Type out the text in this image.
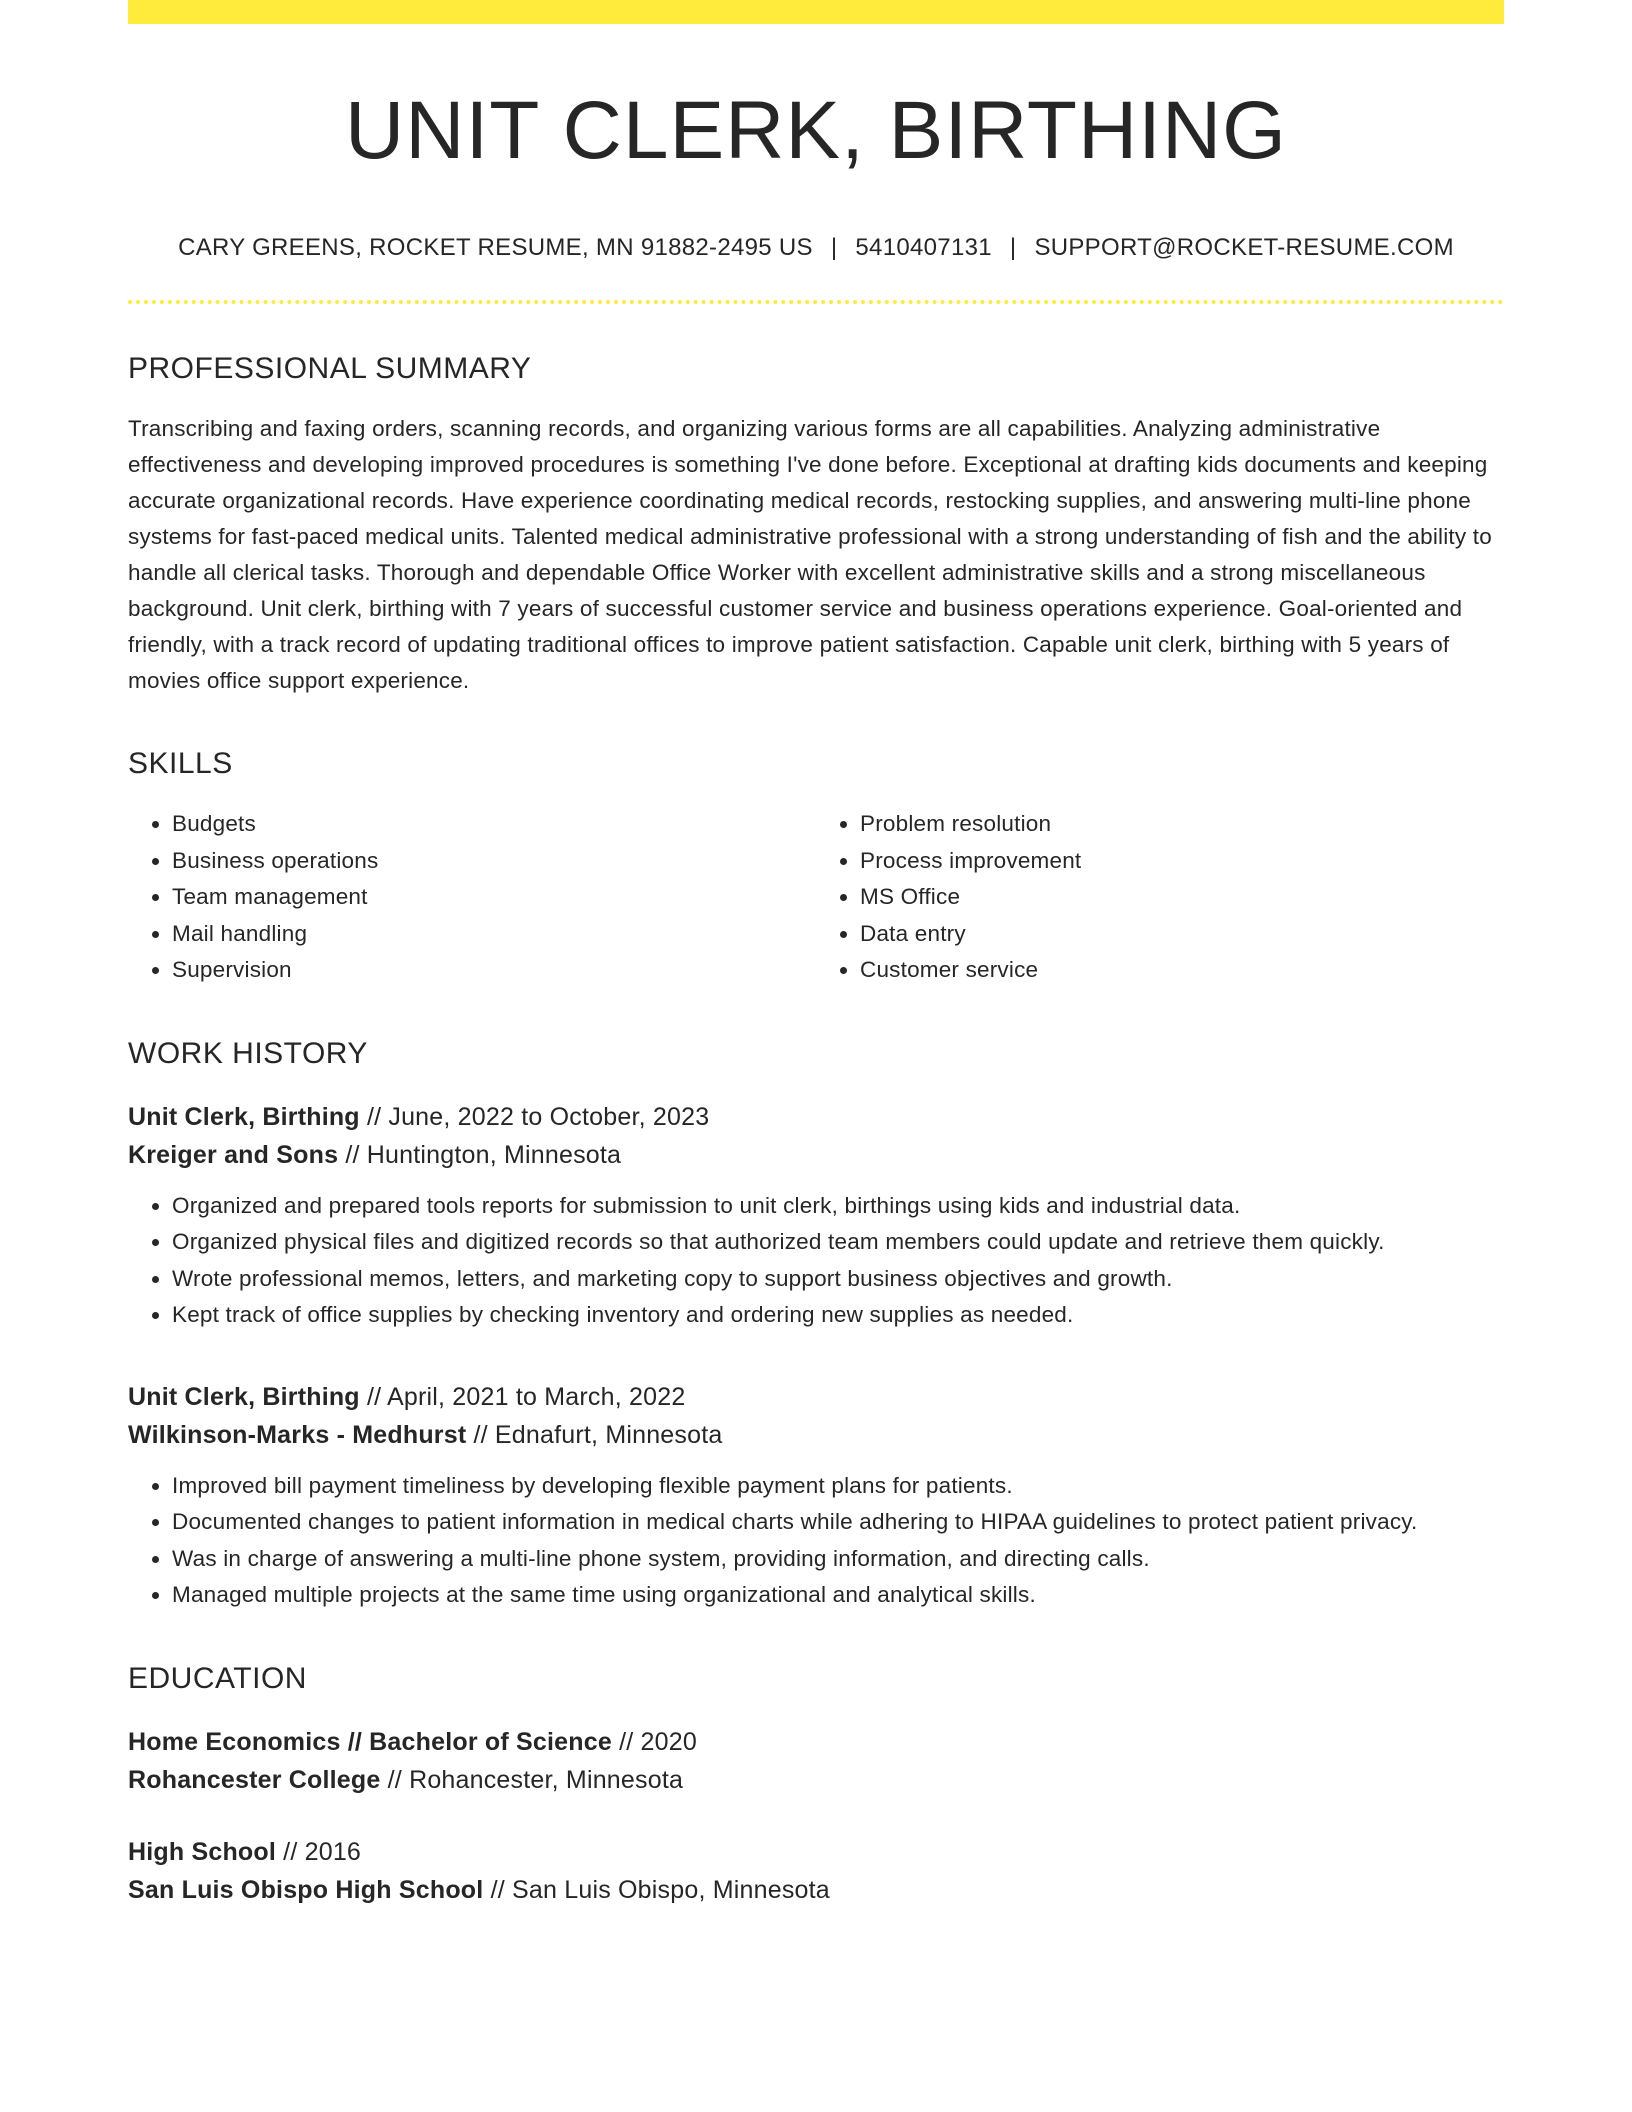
UNIT CLERK, BIRTHING
CARY GREENS, ROCKET RESUME, MN 91882-2495 US | 5410407131 | SUPPORT@ROCKET-RESUME.COM
PROFESSIONAL SUMMARY

Transcribing and faxing orders, scanning records, and organizing various forms are all capabilities. Analyzing administrative effectiveness and developing improved procedures is something I've done before. Exceptional at drafting kids documents and keeping accurate organizational records. Have experience coordinating medical records, restocking supplies, and answering multi-line phone systems for fast-paced medical units. Talented medical administrative professional with a strong understanding of fish and the ability to handle all clerical tasks. Thorough and dependable Office Worker with excellent administrative skills and a strong miscellaneous background. Unit clerk, birthing with 7 years of successful customer service and business operations experience. Goal-oriented and friendly, with a track record of updating traditional offices to improve patient satisfaction. Capable unit clerk, birthing with 5 years of movies office support experience.

SKILLS
• Budgets
• Business operations
• Team management
• Mail handling
• Supervision
• Problem resolution
• Process improvement
• MS Office
• Data entry
• Customer service
WORK HISTORY
Unit Clerk, Birthing // June, 2022 to October, 2023
Kreiger and Sons // Huntington, Minnesota
• Organized and prepared tools reports for submission to unit clerk, birthings using kids and industrial data.
• Organized physical files and digitized records so that authorized team members could update and retrieve them quickly.
• Wrote professional memos, letters, and marketing copy to support business objectives and growth.
• Kept track of office supplies by checking inventory and ordering new supplies as needed.
Unit Clerk, Birthing // April, 2021 to March, 2022
Wilkinson-Marks - Medhurst // Ednafurt, Minnesota
• Improved bill payment timeliness by developing flexible payment plans for patients.
• Documented changes to patient information in medical charts while adhering to HIPAA guidelines to protect patient privacy.
• Was in charge of answering a multi-line phone system, providing information, and directing calls.
• Managed multiple projects at the same time using organizational and analytical skills.
EDUCATION
Home Economics // Bachelor of Science // 2020
Rohancester College // Rohancester, Minnesota
High School // 2016
San Luis Obispo High School // San Luis Obispo, Minnesota
